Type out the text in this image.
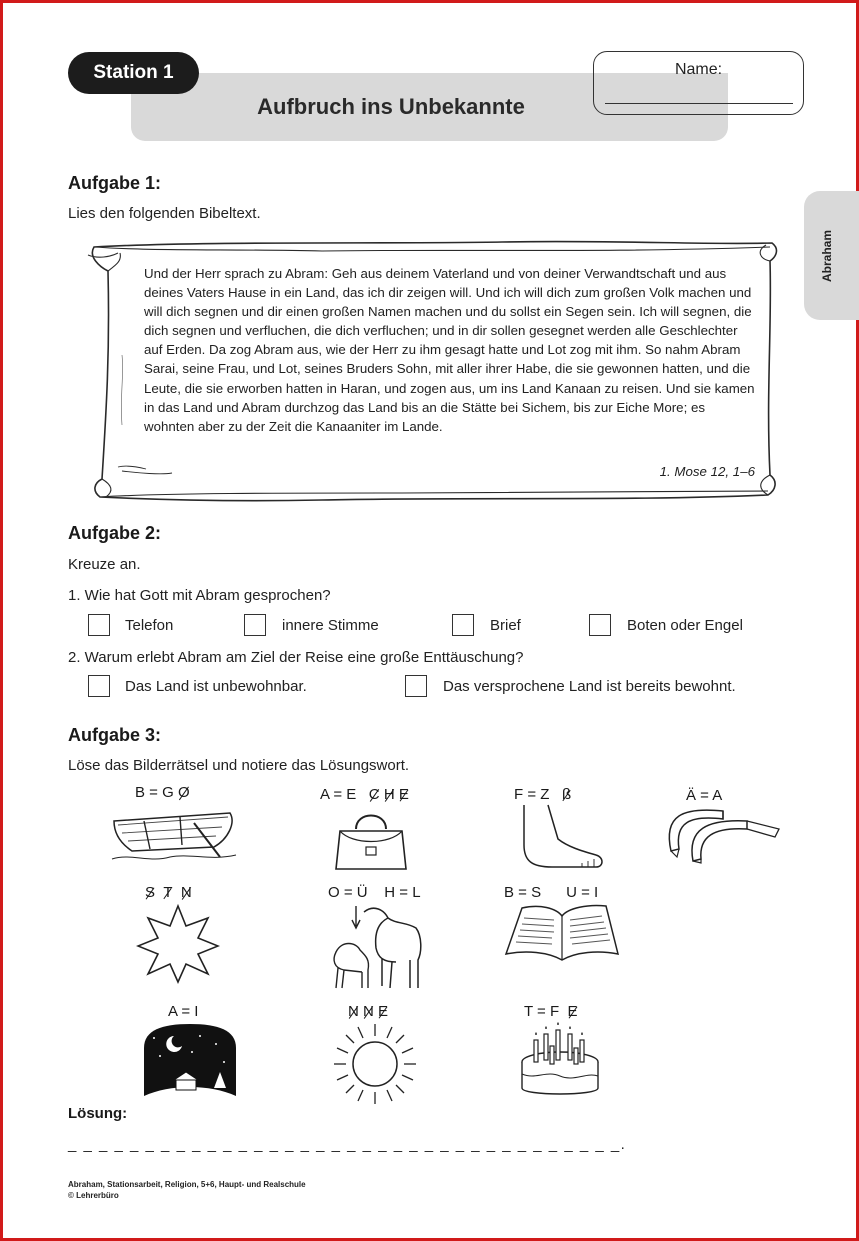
Station 1
Aufbruch ins Unbekannte
Name:
Abraham
Aufgabe 1:
Lies den folgenden Bibeltext.
Und der Herr sprach zu Abram: Geh aus deinem Vaterland und von deiner Verwandtschaft und aus deines Vaters Hause in ein Land, das ich dir zeigen will. Und ich will dich zum großen Volk machen und will dich segnen und dir einen großen Namen machen und du sollst ein Segen sein. Ich will segnen, die dich segnen und verfluchen, die dich verfluchen; und in dir sollen gesegnet werden alle Geschlechter auf Erden. Da zog Abram aus, wie der Herr zu ihm gesagt hatte und Lot zog mit ihm. So nahm Abram Sarai, seine Frau, und Lot, seines Bruders Sohn, mit aller ihrer Habe, die sie gewonnen hatten, und die Leute, die sie erworben hatten in Haran, und zogen aus, um ins Land Kanaan zu reisen. Und sie kamen in das Land und Abram durchzog das Land bis an die Stätte bei Sichem, bis zur Eiche More; es wohnten aber zu der Zeit die Kanaaniter im Lande.
1. Mose 12, 1–6
Aufgabe 2:
Kreuze an.
1. Wie hat Gott mit Abram gesprochen?
Telefon	innere Stimme	Brief	Boten oder Engel
2. Warum erlebt Abram am Ziel der Reise eine große Enttäuschung?
Das Land ist unbewohnbar.	Das versprochene Land ist bereits bewohnt.
Aufgabe 3:
Löse das Bilderrätsel und notiere das Lösungswort.
B = G O	A = E C H E	F = Z ß	Ä = A
S T N	O = Ü    H = L	B = S      U = I
A = I	N N E	T = F E
Lösung:
_ _ _ _ _ _ _ _ _ _ _ _ _ _ _ _ _ _ _ _ _ _ _ _ _ _ _ _ _ _ _ _ _ _ _ _.
Abraham, Stationsarbeit, Religion, 5+6, Haupt- und Realschule
© Lehrerbüro
